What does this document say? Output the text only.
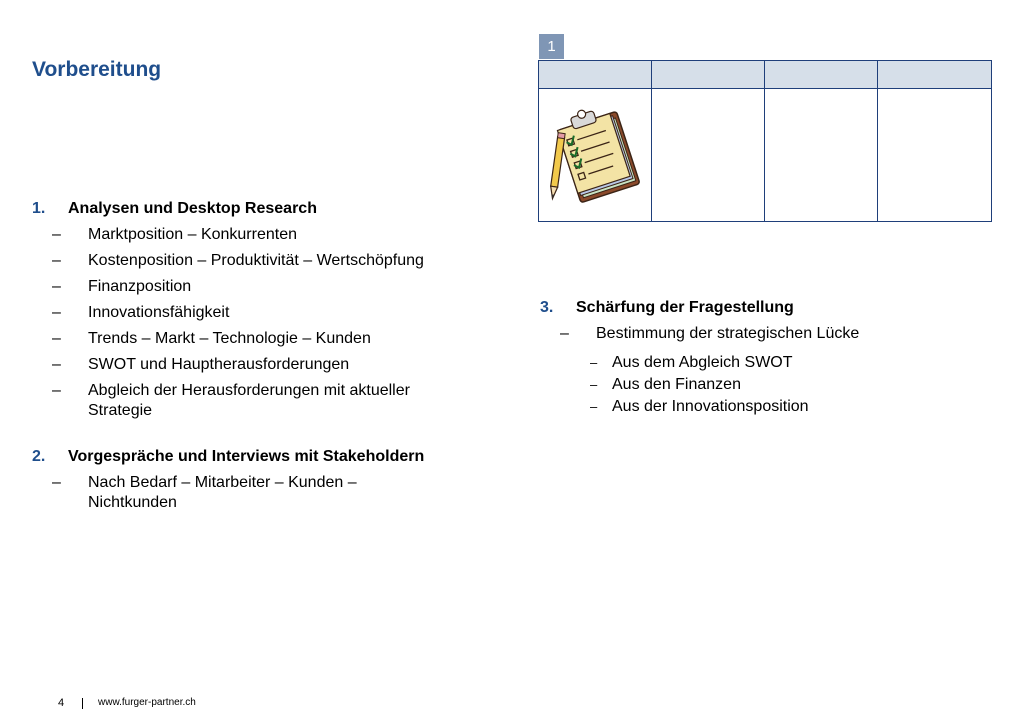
Vorbereitung
1. Analysen und Desktop Research
– Marktposition – Konkurrenten
– Kostenposition – Produktivität – Wertschöpfung
– Finanzposition
– Innovationsfähigkeit
– Trends – Markt – Technologie – Kunden
– SWOT und Hauptherausforderungen
– Abgleich der Herausforderungen mit aktueller Strategie
2. Vorgespräche und Interviews mit Stakeholdern
– Nach Bedarf – Mitarbeiter – Kunden – Nichtkunden
1
3. Schärfung der Fragestellung
– Bestimmung der strategischen Lücke
– Aus dem Abgleich SWOT
– Aus den Finanzen
– Aus der Innovationsposition
4	www.furger-partner.ch
